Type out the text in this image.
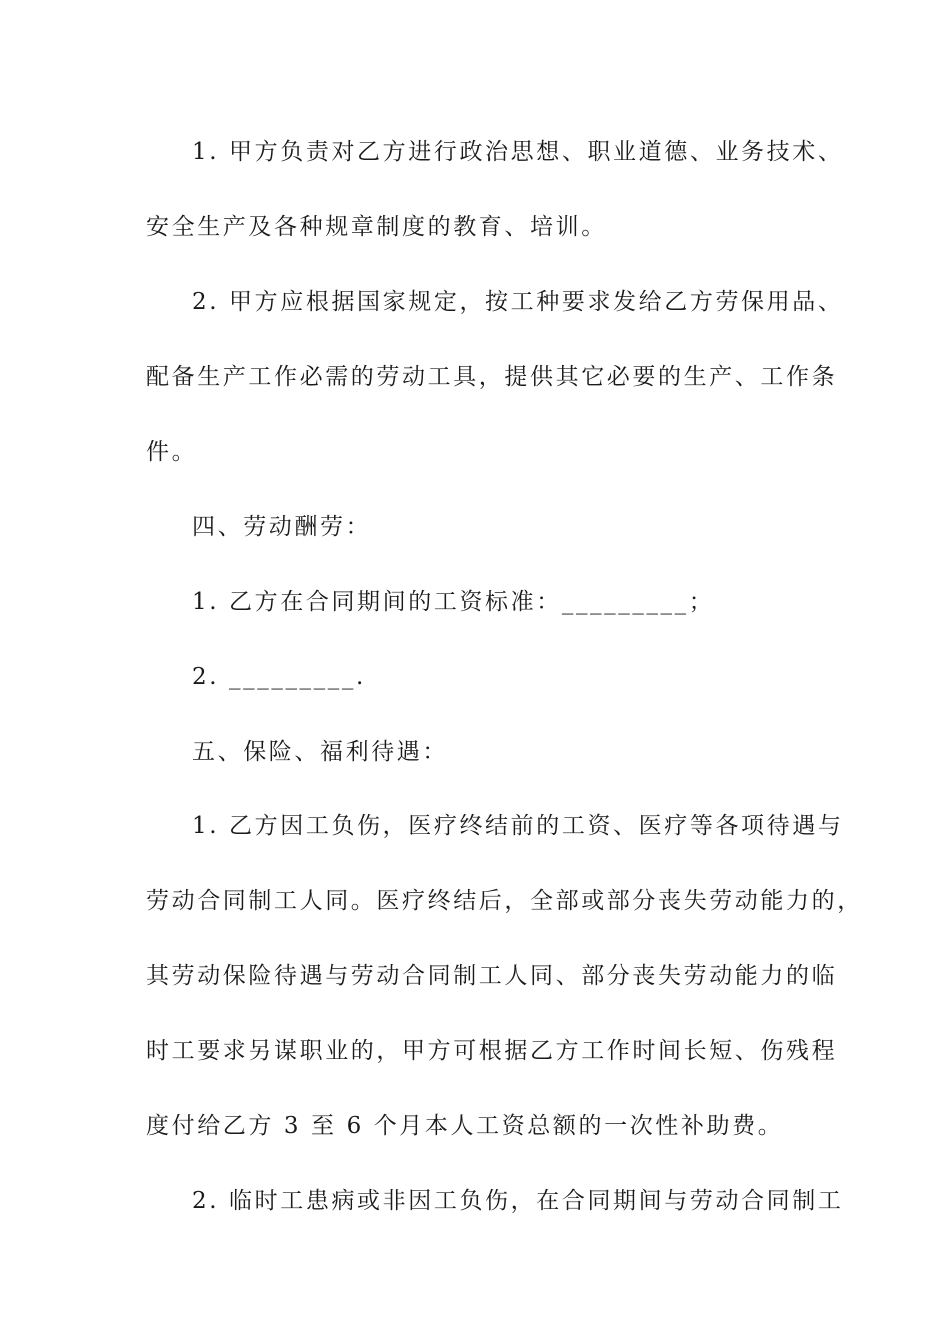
1. 甲方负责对乙方进行政治思想、职业道德、业务技术、
安全生产及各种规章制度的教育、培训。
2. 甲方应根据国家规定，按工种要求发给乙方劳保用品、
配备生产工作必需的劳动工具，提供其它必要的生产、工作条
件。
四、劳动酬劳：
1. 乙方在合同期间的工资标准：_________；
2. _________.
五、保险、福利待遇：
1. 乙方因工负伤，医疗终结前的工资、医疗等各项待遇与
劳动合同制工人同。医疗终结后，全部或部分丧失劳动能力的，
其劳动保险待遇与劳动合同制工人同、部分丧失劳动能力的临
时工要求另谋职业的，甲方可根据乙方工作时间长短、伤残程
度付给乙方 3 至 6 个月本人工资总额的一次性补助费。
2. 临时工患病或非因工负伤，在合同期间与劳动合同制工
